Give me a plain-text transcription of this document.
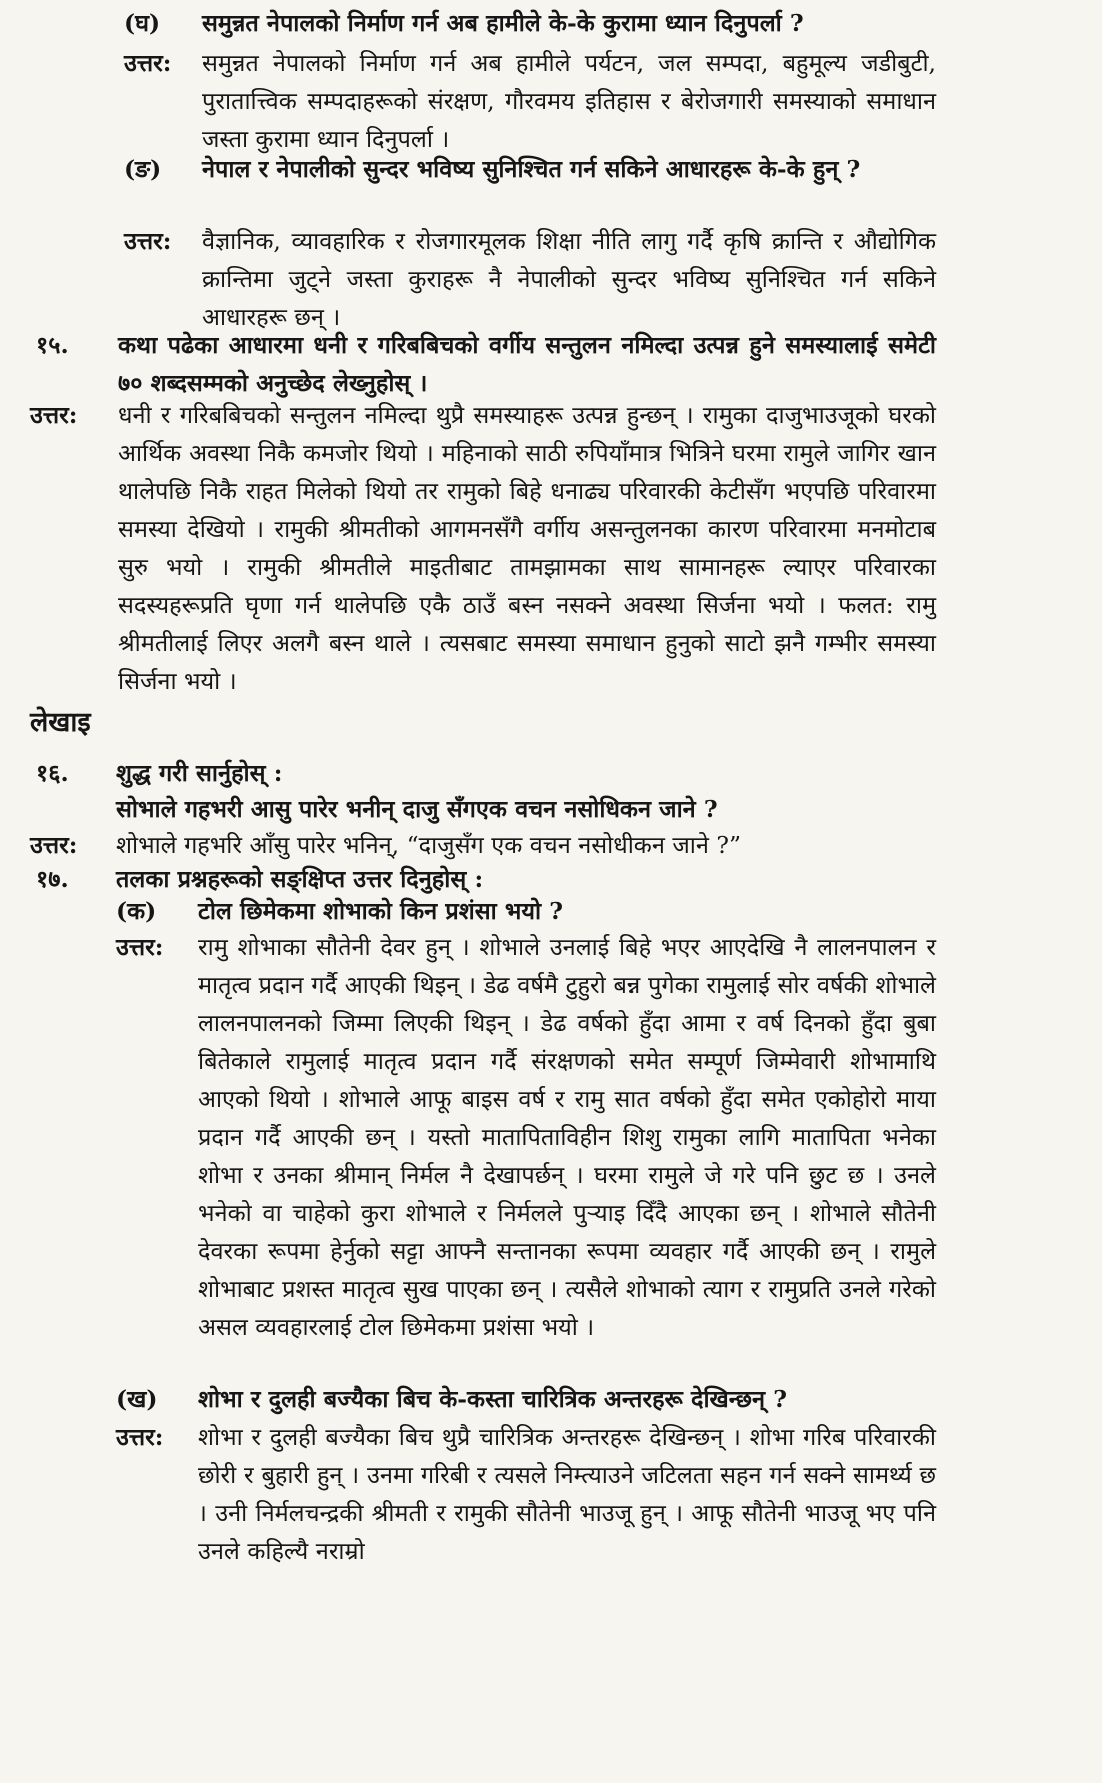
(घ)	समुन्नत नेपालको निर्माण गर्न अब हामीले के-के कुरामा ध्यान दिनुपर्ला ?
उत्तर:	समुन्नत नेपालको निर्माण गर्न अब हामीले पर्यटन, जल सम्पदा, बहुमूल्य जडीबुटी, पुरातात्त्विक सम्पदाहरूको संरक्षण, गौरवमय इतिहास र बेरोजगारी समस्याको समाधान जस्ता कुरामा ध्यान दिनुपर्ला ।
(ङ)	नेपाल र नेपालीको सुन्दर भविष्य सुनिश्चित गर्न सकिने आधारहरू के-के हुन् ?
उत्तर:	वैज्ञानिक, व्यावहारिक र रोजगारमूलक शिक्षा नीति लागु गर्दै कृषि क्रान्ति र औद्योगिक क्रान्तिमा जुट्ने जस्ता कुराहरू नै नेपालीको सुन्दर भविष्य सुनिश्चित गर्न सकिने आधारहरू छन् ।
१५.	कथा पढेका आधारमा धनी र गरिबबिचको वर्गीय सन्तुलन नमिल्दा उत्पन्न हुने समस्यालाई समेटी ७० शब्दसम्मको अनुच्छेद लेख्नुहोस् ।
उत्तर:	धनी र गरिबबिचको सन्तुलन नमिल्दा थुप्रै समस्याहरू उत्पन्न हुन्छन् । रामुका दाजुभाउजूको घरको आर्थिक अवस्था निकै कमजोर थियो । महिनाको साठी रुपियाँमात्र भित्रिने घरमा रामुले जागिर खान थालेपछि निकै राहत मिलेको थियो तर रामुको बिहे धनाढ्य परिवारकी केटीसँग भएपछि परिवारमा समस्या देखियो । रामुकी श्रीमतीको आगमनसँगै वर्गीय असन्तुलनका कारण परिवारमा मनमोटाब सुरु भयो । रामुकी श्रीमतीले माइतीबाट तामझामका साथ सामानहरू ल्याएर परिवारका सदस्यहरूप्रति घृणा गर्न थालेपछि एकै ठाउँ बस्न नसक्ने अवस्था सिर्जना भयो । फलत: रामु श्रीमतीलाई लिएर अलगै बस्न थाले । त्यसबाट समस्या समाधान हुनुको साटो झनै गम्भीर समस्या सिर्जना भयो ।
लेखाइ
१६.	शुद्ध गरी सार्नुहोस् :
सोभाले गहभरी आसु पारेर भनीन् दाजु सँगएक वचन नसोधिकन जाने ?
उत्तर:	शोभाले गहभरि आँसु पारेर भनिन्, “दाजुसँग एक वचन नसोधीकन जाने ?”
१७.	तलका प्रश्नहरूको सङ्क्षिप्त उत्तर दिनुहोस् :
(क)	टोल छिमेकमा शोभाको किन प्रशंसा भयो ?
उत्तर:	रामु शोभाका सौतेनी देवर हुन् । शोभाले उनलाई बिहे भएर आएदेखि नै लालनपालन र मातृत्व प्रदान गर्दै आएकी थिइन् । डेढ वर्षमै टुहुरो बन्न पुगेका रामुलाई सोर वर्षकी शोभाले लालनपालनको जिम्मा लिएकी थिइन् । डेढ वर्षको हुँदा आमा र वर्ष दिनको हुँदा बुबा बितेकाले रामुलाई मातृत्व प्रदान गर्दै संरक्षणको समेत सम्पूर्ण जिम्मेवारी शोभामाथि आएको थियो । शोभाले आफू बाइस वर्ष र रामु सात वर्षको हुँदा समेत एकोहोरो माया प्रदान गर्दै आएकी छन् । यस्तो मातापिताविहीन शिशु रामुका लागि मातापिता भनेका शोभा र उनका श्रीमान् निर्मल नै देखापर्छन् । घरमा रामुले जे गरे पनि छुट छ । उनले भनेको वा चाहेको कुरा शोभाले र निर्मलले पुऱ्याइ दिँदै आएका छन् । शोभाले सौतेनी देवरका रूपमा हेर्नुको सट्टा आफ्नै सन्तानका रूपमा व्यवहार गर्दै आएकी छन् । रामुले शोभाबाट प्रशस्त मातृत्व सुख पाएका छन् । त्यसैले शोभाको त्याग र रामुप्रति उनले गरेको असल व्यवहारलाई टोल छिमेकमा प्रशंसा भयो ।
(ख)	शोभा र दुलही बज्यैका बिच के-कस्ता चारित्रिक अन्तरहरू देखिन्छन् ?
उत्तर:	शोभा र दुलही बज्यैका बिच थुप्रै चारित्रिक अन्तरहरू देखिन्छन् । शोभा गरिब परिवारकी छोरी र बुहारी हुन् । उनमा गरिबी र त्यसले निम्त्याउने जटिलता सहन गर्न सक्ने सामर्थ्य छ । उनी निर्मलचन्द्रकी श्रीमती र रामुकी सौतेनी भाउजू हुन् । आफू सौतेनी भाउजू भए पनि उनले कहिल्यै नराम्रो
